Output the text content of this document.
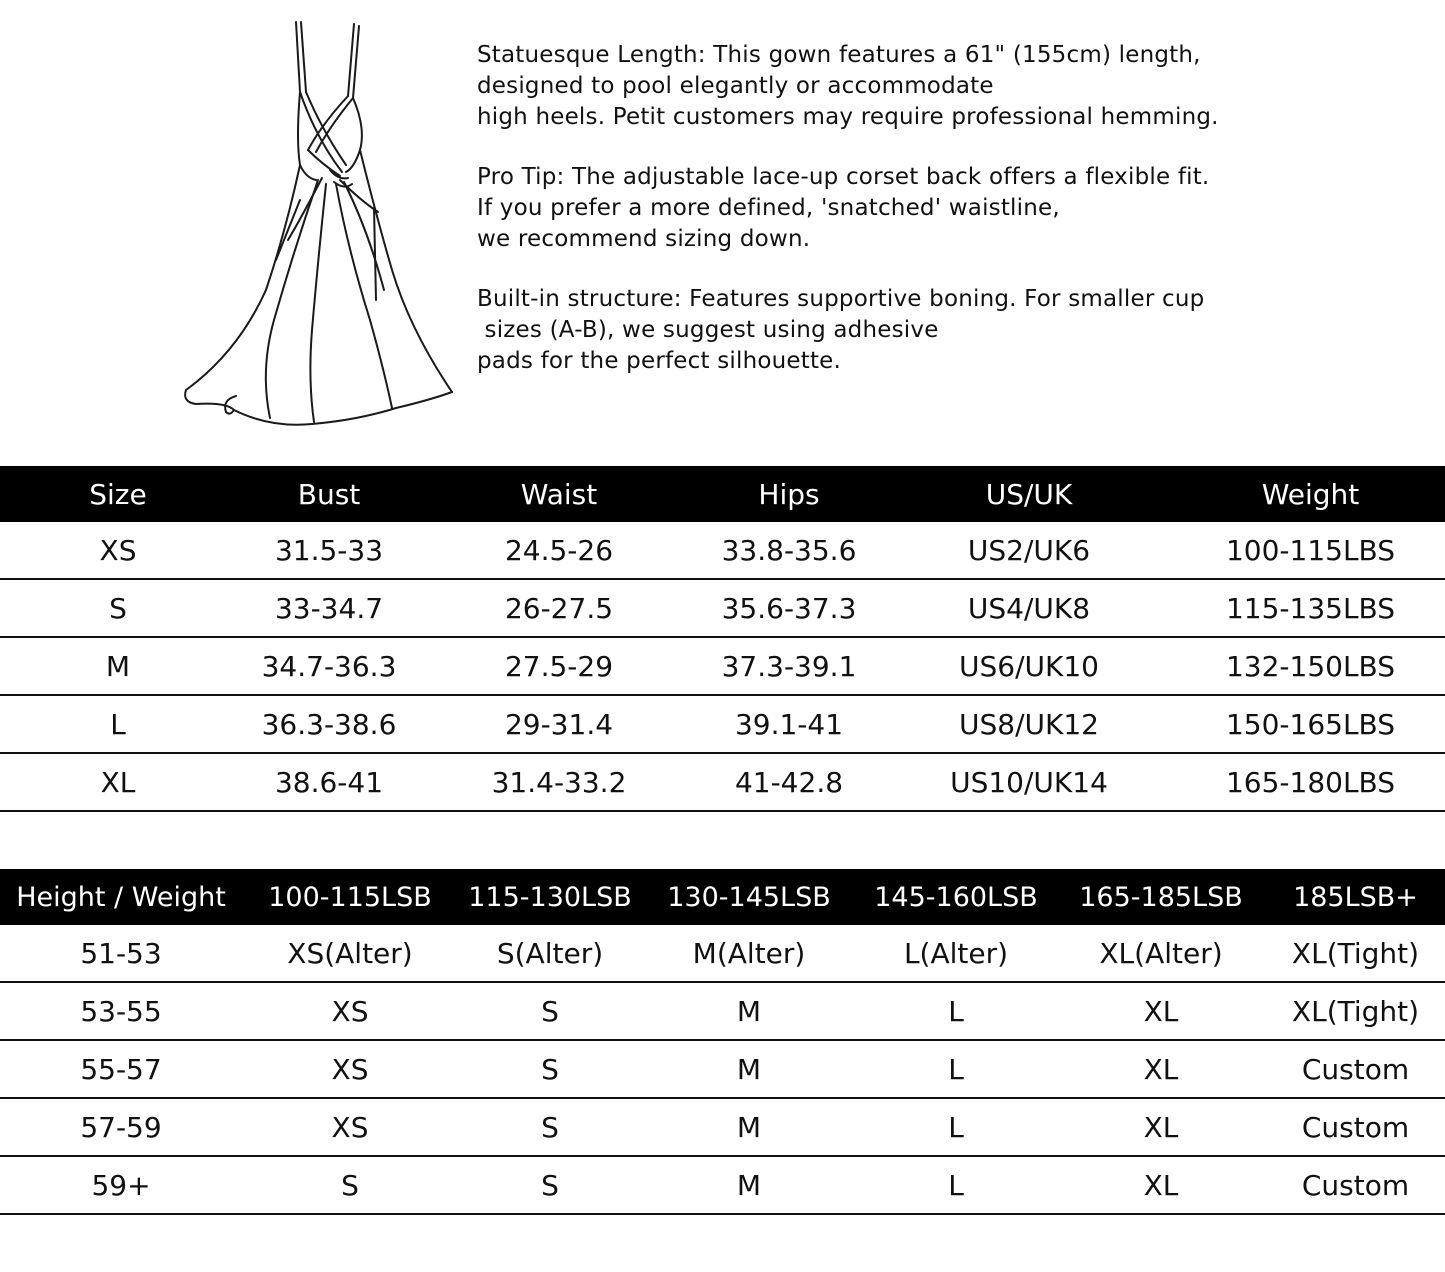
Statuesque Length: This gown features a 61" (155cm) length,
designed to pool elegantly or accommodate
high heels. Petit customers may require professional hemming.
Pro Tip: The adjustable lace-up corset back offers a flexible fit.
If you prefer a more defined, 'snatched' waistline,
we recommend sizing down.
Built-in structure: Features supportive boning. For smaller cup
sizes (A-B), we suggest using adhesive
pads for the perfect silhouette.
Size	Bust	Waist	Hips	US/UK	Weight
XS	31.5-33	24.5-26	33.8-35.6	US2/UK6	100-115LBS
S	33-34.7	26-27.5	35.6-37.3	US4/UK8	115-135LBS
M	34.7-36.3	27.5-29	37.3-39.1	US6/UK10	132-150LBS
L	36.3-38.6	29-31.4	39.1-41	US8/UK12	150-165LBS
XL	38.6-41	31.4-33.2	41-42.8	US10/UK14	165-180LBS
Height / Weight	100-115LSB	115-130LSB	130-145LSB	145-160LSB	165-185LSB	185LSB+
51-53	XS(Alter)	S(Alter)	M(Alter)	L(Alter)	XL(Alter)	XL(Tight)
53-55	XS	S	M	L	XL	XL(Tight)
55-57	XS	S	M	L	XL	Custom
57-59	XS	S	M	L	XL	Custom
59+	S	S	M	L	XL	Custom
